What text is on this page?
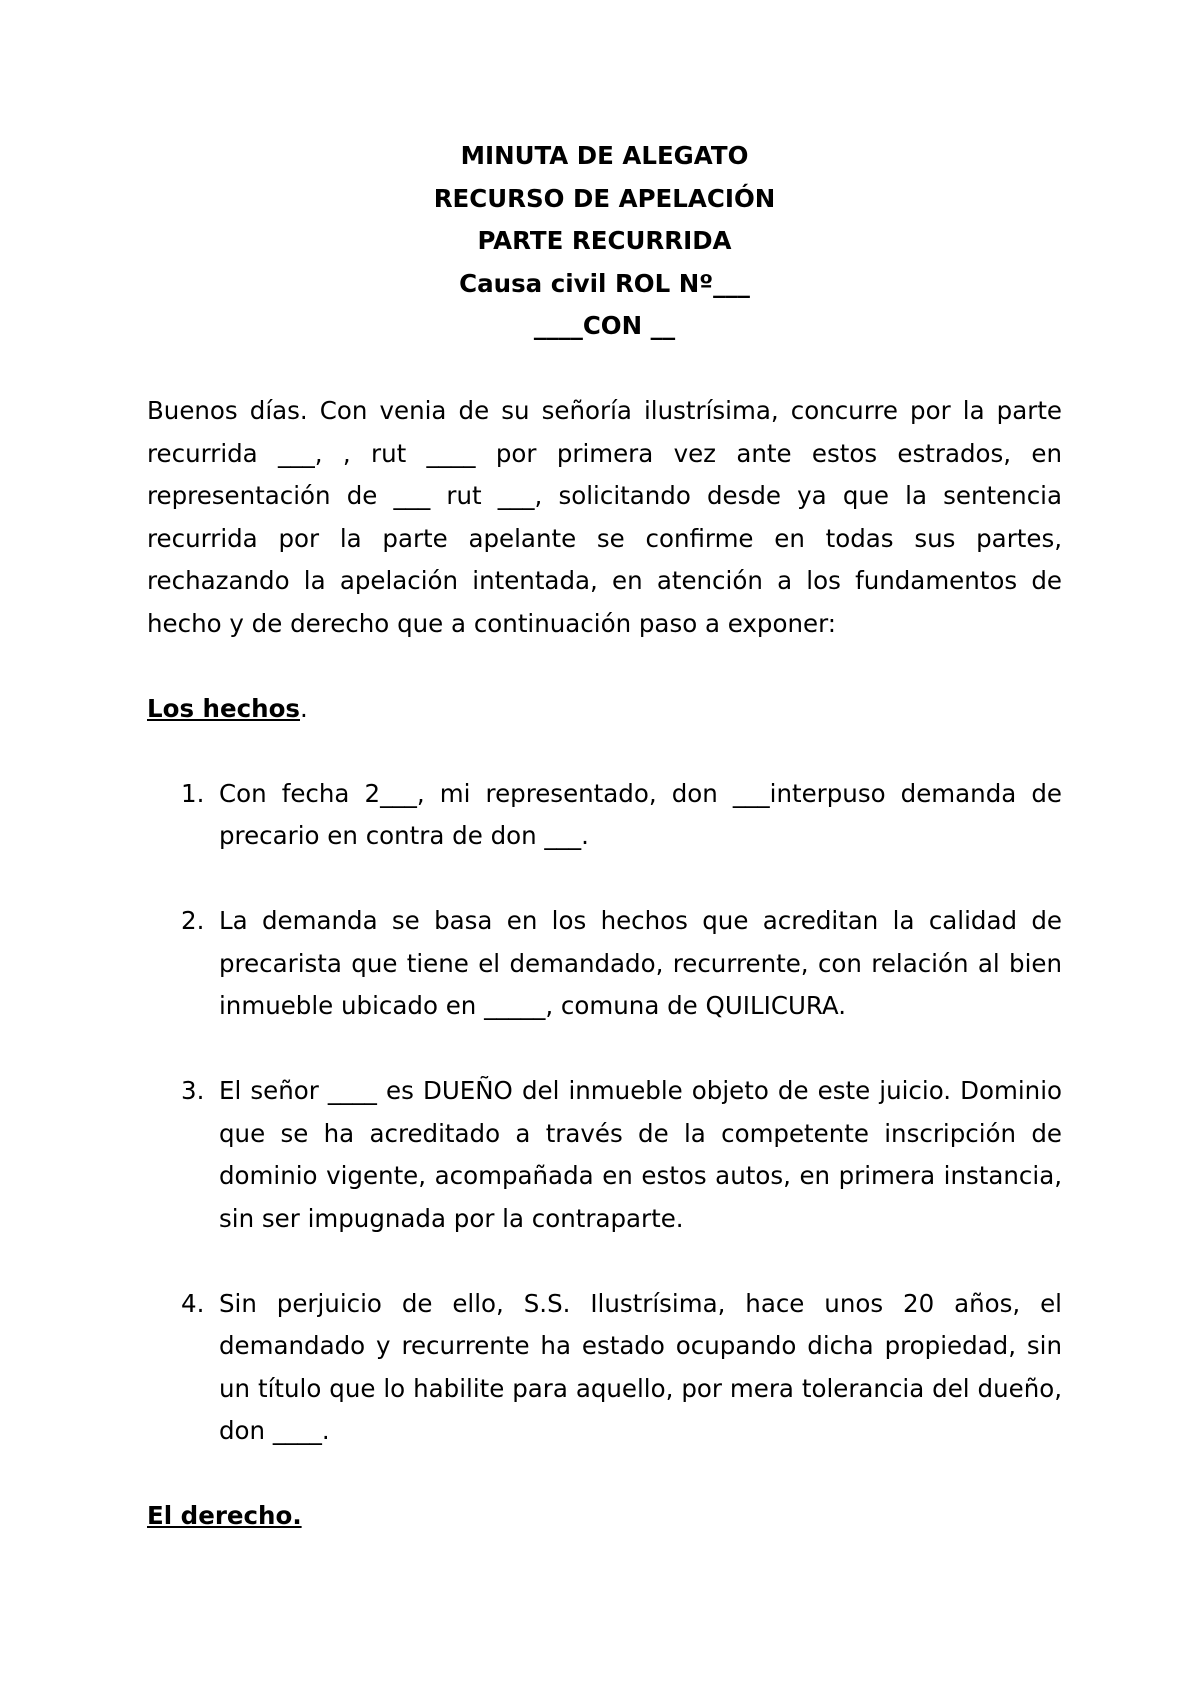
MINUTA DE ALEGATO
RECURSO DE APELACIÓN
PARTE RECURRIDA
Causa civil ROL Nº___
____CON __

Buenos días. Con venia de su señoría ilustrísima, concurre por la parte recurrida ___, , rut ____ por primera vez ante estos estrados, en representación de ___ rut ___, solicitando desde ya que la sentencia recurrida por la parte apelante se confirme en todas sus partes, rechazando la apelación intentada, en atención a los fundamentos de hecho y de derecho que a continuación paso a exponer:

Los hechos.

1. Con fecha 2___, mi representado, don ___interpuso demanda de precario en contra de don ___.
2. La demanda se basa en los hechos que acreditan la calidad de precarista que tiene el demandado, recurrente, con relación al bien inmueble ubicado en _____, comuna de QUILICURA.
3. El señor ____ es DUEÑO del inmueble objeto de este juicio. Dominio que se ha acreditado a través de la competente inscripción de dominio vigente, acompañada en estos autos, en primera instancia, sin ser impugnada por la contraparte.
4. Sin perjuicio de ello, S.S. Ilustrísima, hace unos 20 años, el demandado y recurrente ha estado ocupando dicha propiedad, sin un título que lo habilite para aquello, por mera tolerancia del dueño, don ____.

El derecho.
